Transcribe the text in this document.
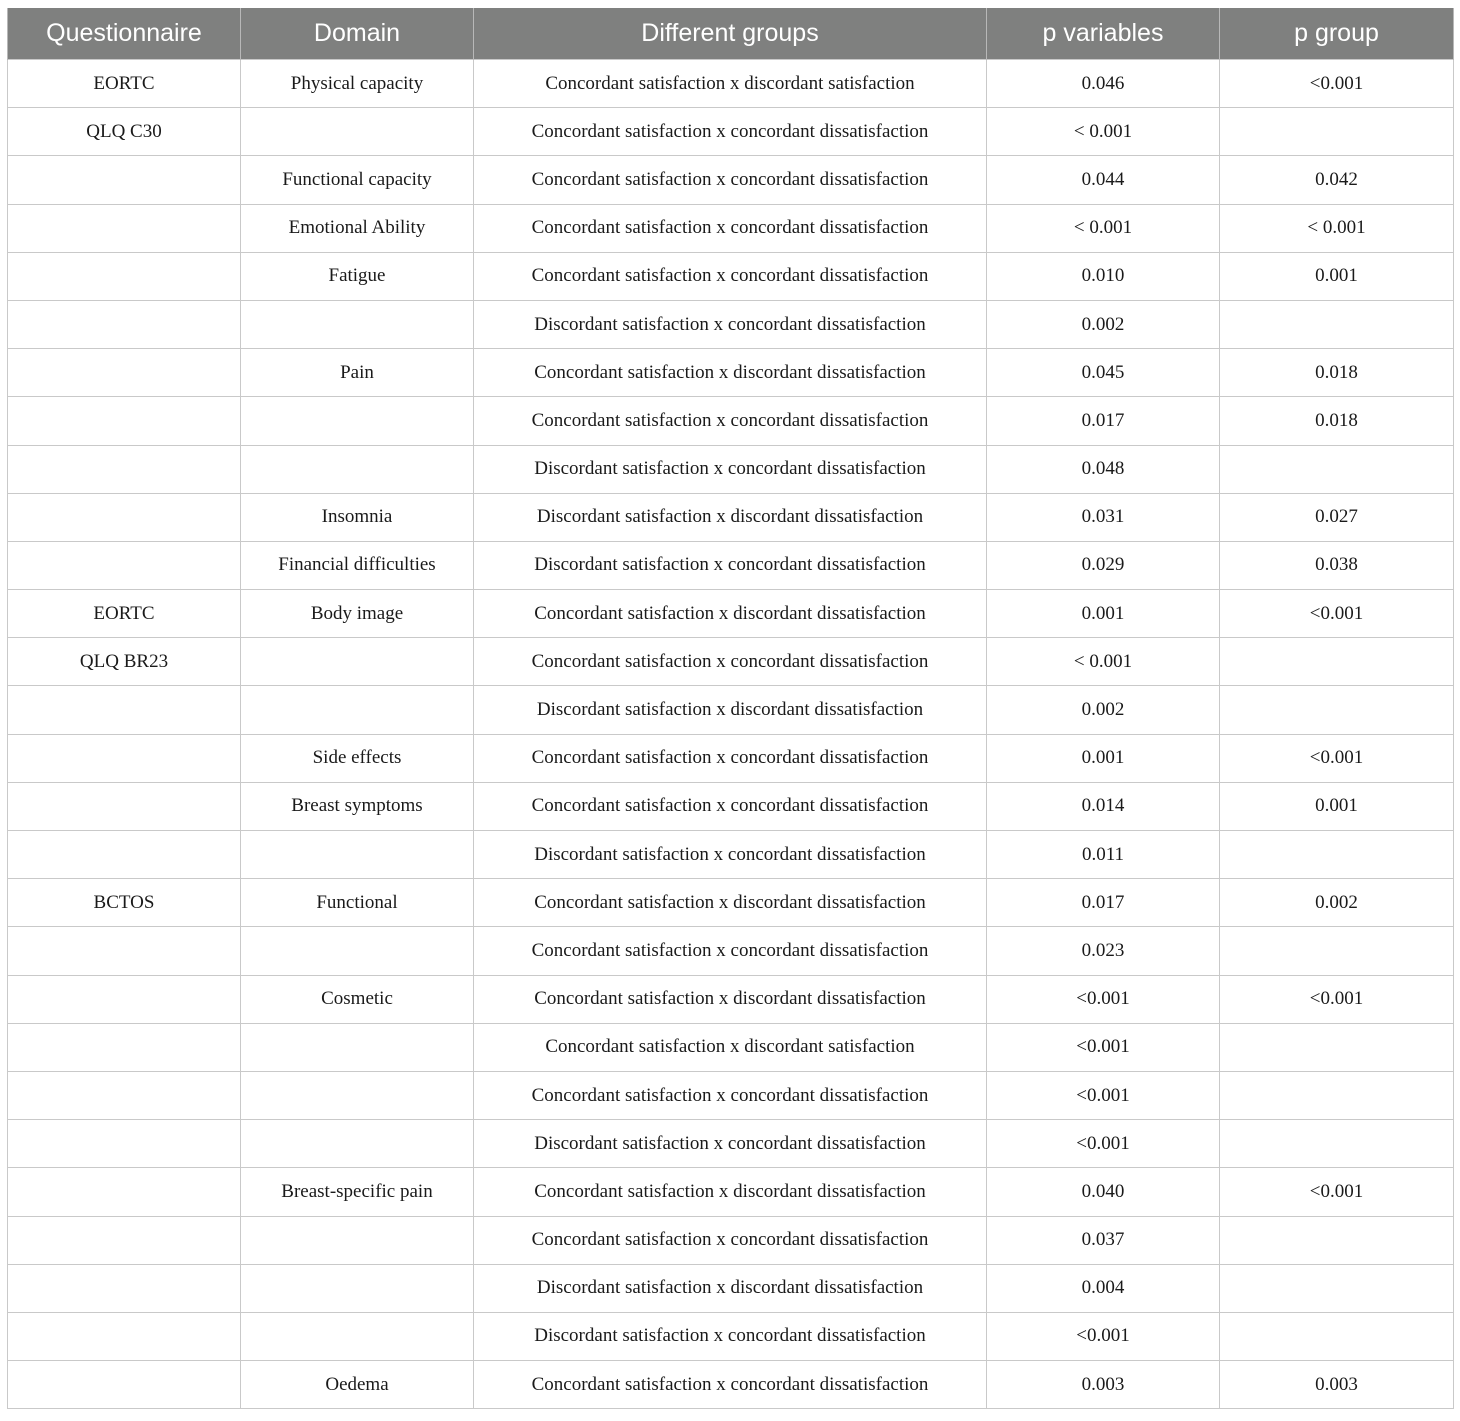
Questionnaire	Domain	Different groups	p variables	p group
EORTC	Physical capacity	Concordant satisfaction x discordant satisfaction	0.046	<0.001
QLQ C30		Concordant satisfaction x concordant dissatisfaction	< 0.001	
	Functional capacity	Concordant satisfaction x concordant dissatisfaction	0.044	0.042
	Emotional Ability	Concordant satisfaction x concordant dissatisfaction	< 0.001	< 0.001
	Fatigue	Concordant satisfaction x concordant dissatisfaction	0.010	0.001
		Discordant satisfaction x concordant dissatisfaction	0.002	
	Pain	Concordant satisfaction x discordant dissatisfaction	0.045	0.018
		Concordant satisfaction x concordant dissatisfaction	0.017	0.018
		Discordant satisfaction x concordant dissatisfaction	0.048	
	Insomnia	Discordant satisfaction x discordant dissatisfaction	0.031	0.027
	Financial difficulties	Discordant satisfaction x concordant dissatisfaction	0.029	0.038
EORTC	Body image	Concordant satisfaction x discordant dissatisfaction	0.001	<0.001
QLQ BR23		Concordant satisfaction x concordant dissatisfaction	< 0.001	
		Discordant satisfaction x discordant dissatisfaction	0.002	
	Side effects	Concordant satisfaction x concordant dissatisfaction	0.001	<0.001
	Breast symptoms	Concordant satisfaction x concordant dissatisfaction	0.014	0.001
		Discordant satisfaction x concordant dissatisfaction	0.011	
BCTOS	Functional	Concordant satisfaction x discordant dissatisfaction	0.017	0.002
		Concordant satisfaction x concordant dissatisfaction	0.023	
	Cosmetic	Concordant satisfaction x discordant dissatisfaction	<0.001	<0.001
		Concordant satisfaction x discordant satisfaction	<0.001	
		Concordant satisfaction x concordant dissatisfaction	<0.001	
		Discordant satisfaction x concordant dissatisfaction	<0.001	
	Breast-specific pain	Concordant satisfaction x discordant dissatisfaction	0.040	<0.001
		Concordant satisfaction x concordant dissatisfaction	0.037	
		Discordant satisfaction x discordant dissatisfaction	0.004	
		Discordant satisfaction x concordant dissatisfaction	<0.001	
	Oedema	Concordant satisfaction x concordant dissatisfaction	0.003	0.003
